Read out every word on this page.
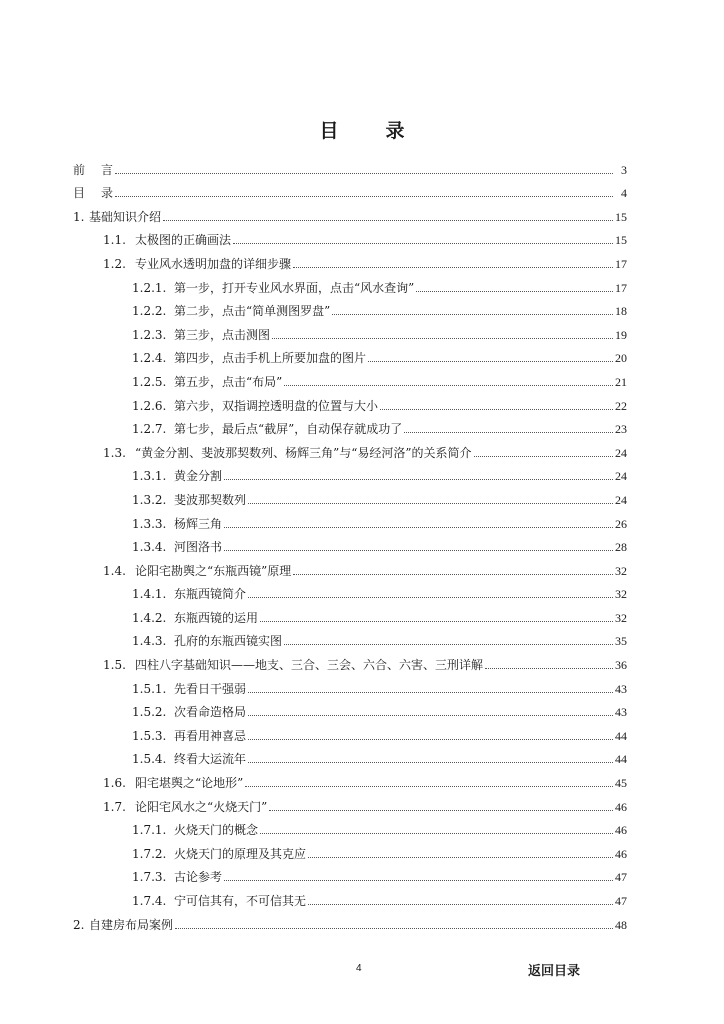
目　录
前 　言	3
目 　录	4
1. 基础知识介绍	15
1.1. 太极图的正确画法	15
1.2. 专业风水透明加盘的详细步骤	17
1.2.1. 第一步，打开专业风水界面，点击“风水查询”	17
1.2.2. 第二步，点击“简单测图罗盘”	18
1.2.3. 第三步，点击测图	19
1.2.4. 第四步，点击手机上所要加盘的图片	20
1.2.5. 第五步，点击“布局”	21
1.2.6. 第六步，双指调控透明盘的位置与大小	22
1.2.7. 第七步，最后点“截屏”，自动保存就成功了	23
1.3. “黄金分割、斐波那契数列、杨辉三角”与“易经河洛”的关系简介	24
1.3.1. 黄金分割	24
1.3.2. 斐波那契数列	24
1.3.3. 杨辉三角	26
1.3.4. 河图洛书	28
1.4. 论阳宅勘舆之“东瓶西镜”原理	32
1.4.1. 东瓶西镜简介	32
1.4.2. 东瓶西镜的运用	32
1.4.3. 孔府的东瓶西镜实图	35
1.5. 四柱八字基础知识——地支、三合、三会、六合、六害、三刑详解	36
1.5.1. 先看日干强弱	43
1.5.2. 次看命造格局	43
1.5.3. 再看用神喜忌	44
1.5.4. 终看大运流年	44
1.6. 阳宅堪舆之“论地形”	45
1.7. 论阳宅风水之“火烧天门”	46
1.7.1. 火烧天门的概念	46
1.7.2. 火烧天门的原理及其克应	46
1.7.3. 古论参考	47
1.7.4. 宁可信其有，不可信其无	47
2. 自建房布局案例	48
4	返回目录
